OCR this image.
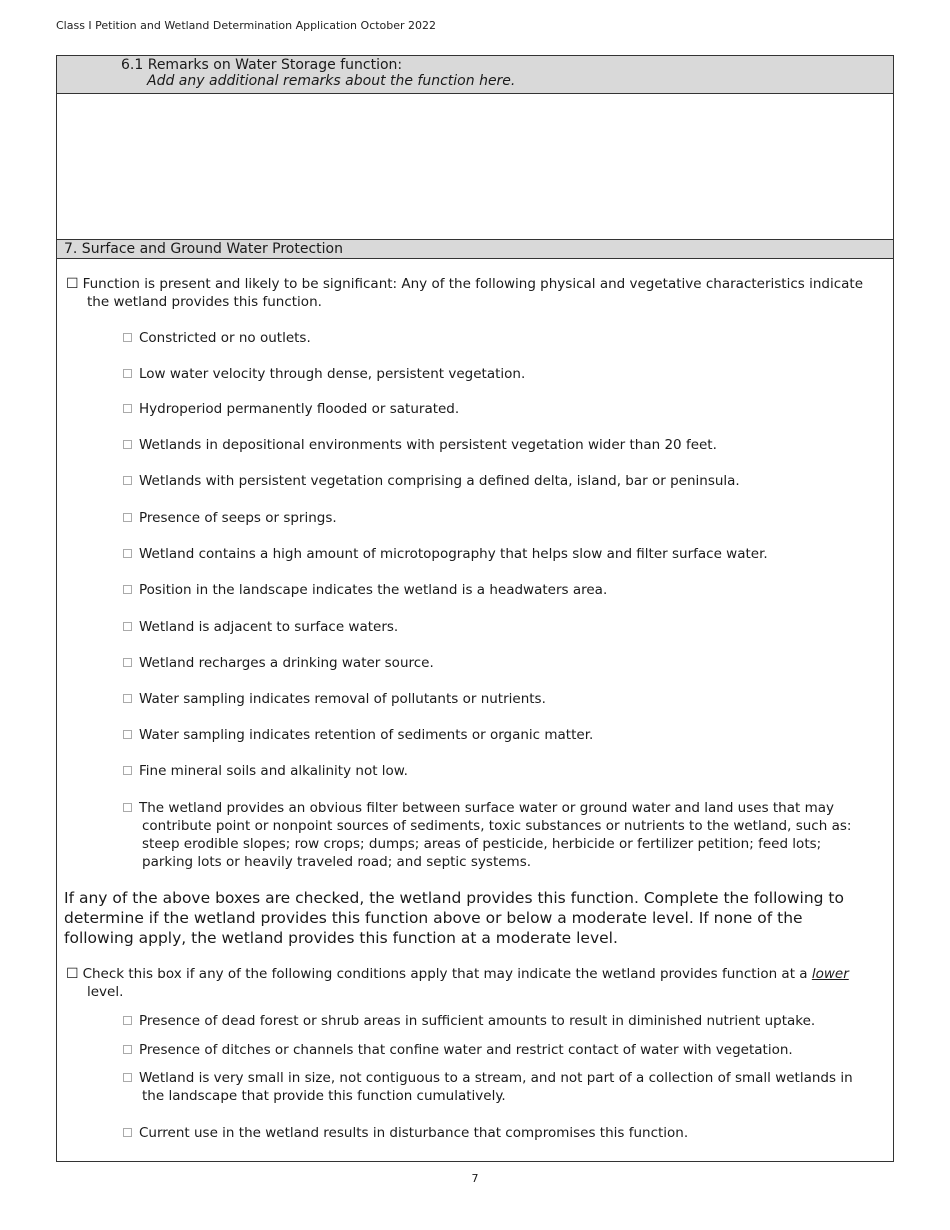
Class I Petition and Wetland Determination Application October 2022
6.1 Remarks on Water Storage function:
Add any additional remarks about the function here.
7. Surface and Ground Water Protection
☐ Function is present and likely to be significant: Any of the following physical and vegetative characteristics indicate
the wetland provides this function.
Constricted or no outlets.
Low water velocity through dense, persistent vegetation.
Hydroperiod permanently flooded or saturated.
Wetlands in depositional environments with persistent vegetation wider than 20 feet.
Wetlands with persistent vegetation comprising a defined delta, island, bar or peninsula.
Presence of seeps or springs.
Wetland contains a high amount of microtopography that helps slow and filter surface water.
Position in the landscape indicates the wetland is a headwaters area.
Wetland is adjacent to surface waters.
Wetland recharges a drinking water source.
Water sampling indicates removal of pollutants or nutrients.
Water sampling indicates retention of sediments or organic matter.
Fine mineral soils and alkalinity not low.
The wetland provides an obvious filter between surface water or ground water and land uses that may
contribute point or nonpoint sources of sediments, toxic substances or nutrients to the wetland, such as:
steep erodible slopes; row crops; dumps; areas of pesticide, herbicide or fertilizer petition; feed lots;
parking lots or heavily traveled road; and septic systems.
If any of the above boxes are checked, the wetland provides this function. Complete the following to
determine if the wetland provides this function above or below a moderate level. If none of the
following apply, the wetland provides this function at a moderate level.
☐ Check this box if any of the following conditions apply that may indicate the wetland provides function at a lower
level.
Presence of dead forest or shrub areas in sufficient amounts to result in diminished nutrient uptake.
Presence of ditches or channels that confine water and restrict contact of water with vegetation.
Wetland is very small in size, not contiguous to a stream, and not part of a collection of small wetlands in
the landscape that provide this function cumulatively.
Current use in the wetland results in disturbance that compromises this function.
7
